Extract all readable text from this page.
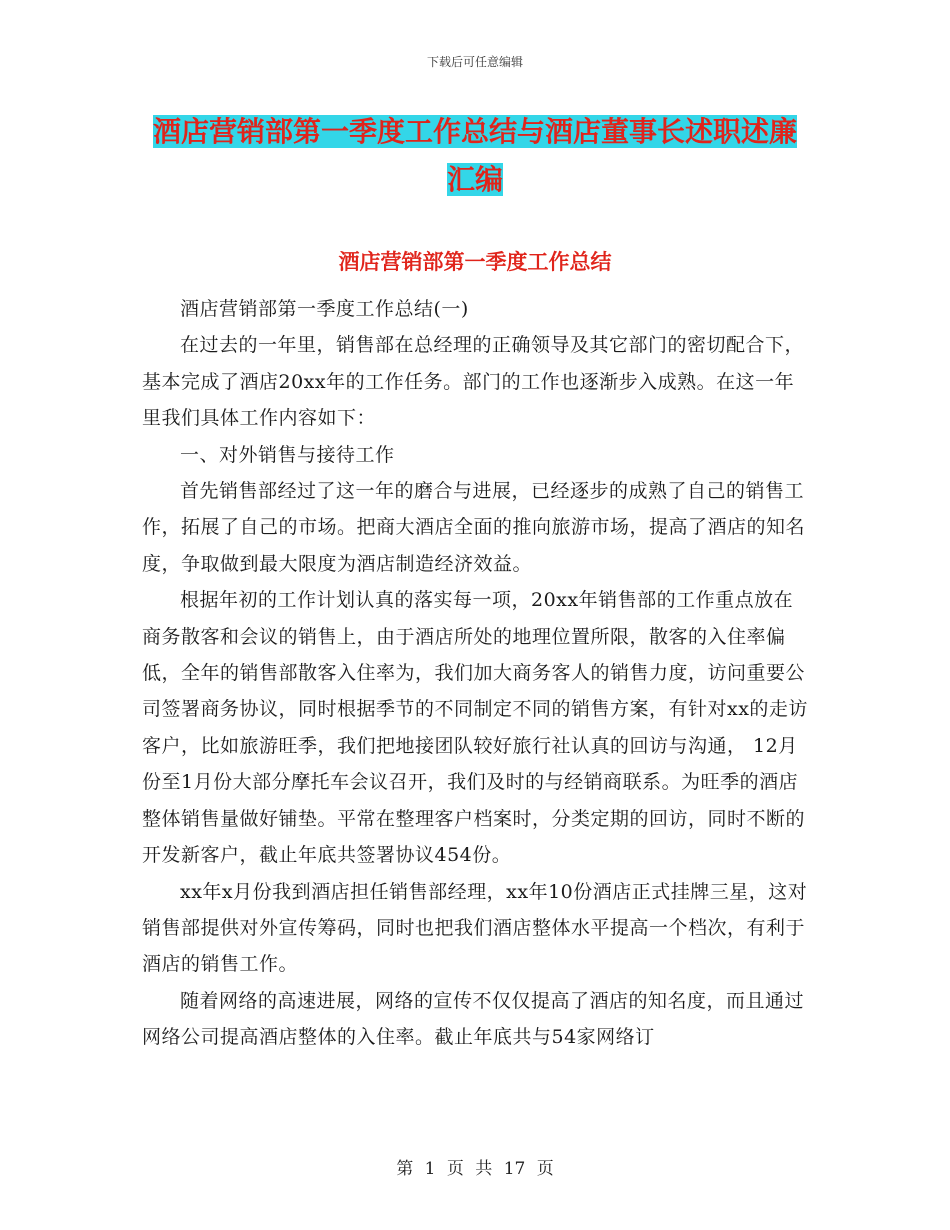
下载后可任意编辑
酒店营销部第一季度工作总结与酒店董事长述职述廉
汇编
酒店营销部第一季度工作总结

酒店营销部第一季度工作总结(一)

在过去的一年里，销售部在总经理的正确领导及其它部门的密切配合下，基本完成了酒店20xx年的工作任务。部门的工作也逐渐步入成熟。在这一年里我们具体工作内容如下：

一、对外销售与接待工作

首先销售部经过了这一年的磨合与进展，已经逐步的成熟了自己的销售工作，拓展了自己的市场。把商大酒店全面的推向旅游市场，提高了酒店的知名度，争取做到最大限度为酒店制造经济效益。

根据年初的工作计划认真的落实每一项，20xx年销售部的工作重点放在商务散客和会议的销售上，由于酒店所处的地理位置所限，散客的入住率偏低，全年的销售部散客入住率为，我们加大商务客人的销售力度，访问重要公司签署商务协议，同时根据季节的不同制定不同的销售方案，有针对xx的走访客户，比如旅游旺季，我们把地接团队较好旅行社认真的回访与沟通， 12月份至1月份大部分摩托车会议召开，我们及时的与经销商联系。为旺季的酒店整体销售量做好铺垫。平常在整理客户档案时，分类定期的回访，同时不断的开发新客户，截止年底共签署协议454份。

xx年x月份我到酒店担任销售部经理，xx年10份酒店正式挂牌三星，这对销售部提供对外宣传筹码，同时也把我们酒店整体水平提高一个档次，有利于酒店的销售工作。

随着网络的高速进展，网络的宣传不仅仅提高了酒店的知名度，而且通过网络公司提高酒店整体的入住率。截止年底共与54家网络订

第 1 页 共 17 页
